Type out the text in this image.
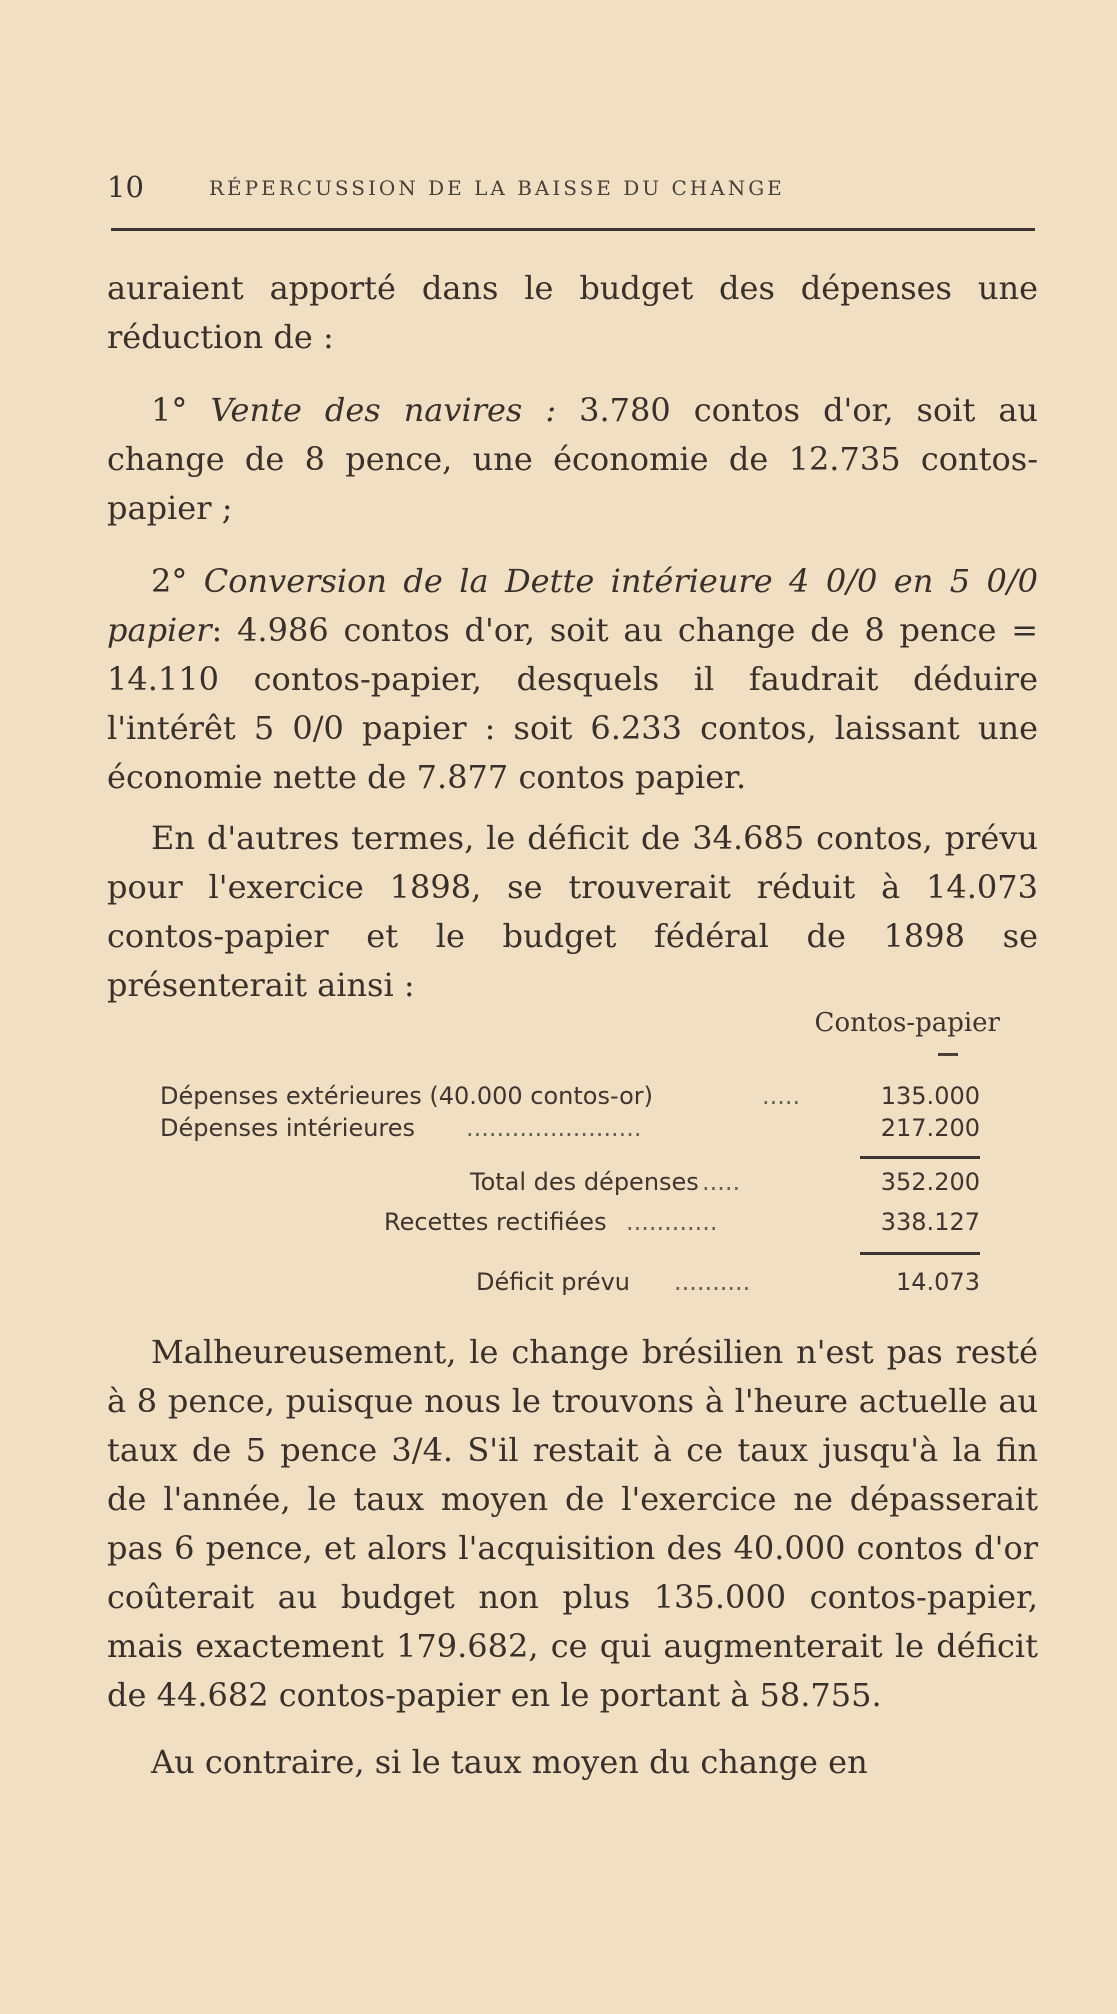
10	RÉPERCUSSION DE LA BAISSE DU CHANGE

auraient apporté dans le budget des dépenses une réduction de :

1° Vente des navires : 3.780 contos d'or, soit au change de 8 pence, une économie de 12.735 contos-papier ;

2° Conversion de la Dette intérieure 4 0/0 en 5 0/0 papier: 4.986 contos d'or, soit au change de 8 pence = 14.110 contos-papier, desquels il faudrait déduire l'intérêt 5 0/0 papier : soit 6.233 contos, laissant une économie nette de 7.877 contos papier.

En d'autres termes, le déficit de 34.685 contos, prévu pour l'exercice 1898, se trouverait réduit à 14.073 contos-papier et le budget fédéral de 1898 se présenterait ainsi :

Contos-papier
Dépenses extérieures (40.000 contos-or)	.....	135.000
Dépenses intérieures .......................	217.200
Total des dépenses .....	352.200
Recettes rectifiées ............	338.127
Déficit prévu ..........	14.073

Malheureusement, le change brésilien n'est pas resté à 8 pence, puisque nous le trouvons à l'heure actuelle au taux de 5 pence 3/4. S'il restait à ce taux jusqu'à la fin de l'année, le taux moyen de l'exercice ne dépasserait pas 6 pence, et alors l'acquisition des 40.000 contos d'or coûterait au budget non plus 135.000 contos-papier, mais exactement 179.682, ce qui augmenterait le déficit de 44.682 contos-papier en le portant à 58.755.

Au contraire, si le taux moyen du change en
